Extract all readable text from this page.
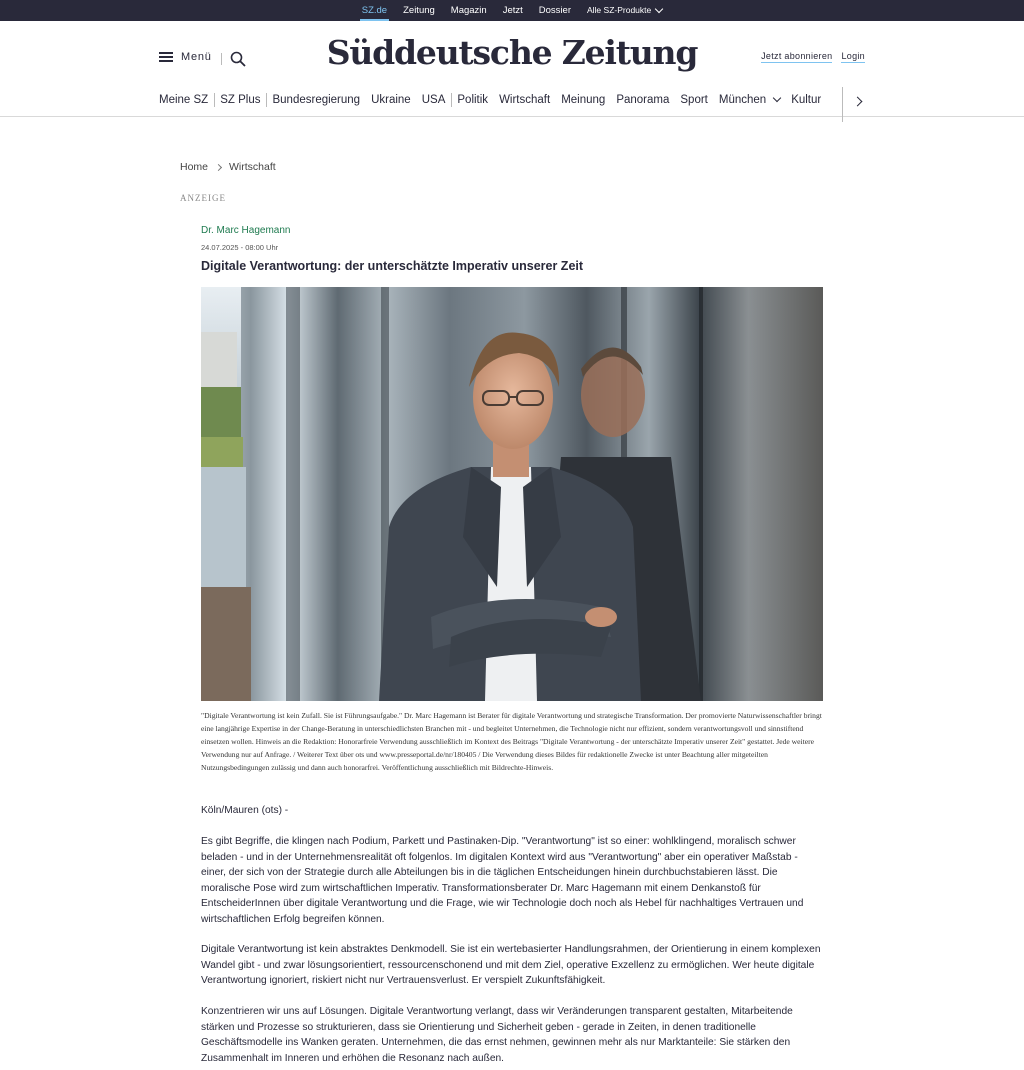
SZ.de	Zeitung	Magazin	Jetzt	Dossier	Alle SZ-Produkte
Menü	Süddeutsche Zeitung	Jetzt abonnieren Login
Meine SZ	SZ Plus	Bundesregierung Ukraine USA	Politik Wirtschaft Meinung Panorama Sport München	Kultur
Home Wirtschaft
ANZEIGE
Dr. Marc Hagemann
24.07.2025 - 08:00 Uhr
Digitale Verantwortung: der unterschätzte Imperativ unserer Zeit
"Digitale Verantwortung ist kein Zufall. Sie ist Führungsaufgabe." Dr. Marc Hagemann ist Berater für digitale Verantwortung und strategische Transformation. Der promovierte Naturwissenschaftler bringt eine langjährige Expertise in der Change-Beratung in unterschiedlichsten Branchen mit - und begleitet Unternehmen, die Technologie nicht nur effizient, sondern verantwortungsvoll und sinnstiftend einsetzen wollen. Hinweis an die Redaktion: Honorarfreie Verwendung ausschließlich im Kontext des Beitrags "Digitale Verantwortung - der unterschätzte Imperativ unserer Zeit" gestattet. Jede weitere Verwendung nur auf Anfrage. / Weiterer Text über ots und www.presseportal.de/nr/180405 / Die Verwendung dieses Bildes für redaktionelle Zwecke ist unter Beachtung aller mitgeteilten Nutzungsbedingungen zulässig und dann auch honorarfrei. Veröffentlichung ausschließlich mit Bildrechte-Hinweis.
Köln/Mauren (ots) -
Es gibt Begriffe, die klingen nach Podium, Parkett und Pastinaken-Dip. "Verantwortung" ist so einer: wohlklingend, moralisch schwer beladen - und in der Unternehmensrealität oft folgenlos. Im digitalen Kontext wird aus "Verantwortung" aber ein operativer Maßstab - einer, der sich von der Strategie durch alle Abteilungen bis in die täglichen Entscheidungen hinein durchbuchstabieren lässt. Die moralische Pose wird zum wirtschaftlichen Imperativ. Transformationsberater Dr. Marc Hagemann mit einem Denkanstoß für EntscheiderInnen über digitale Verantwortung und die Frage, wie wir Technologie doch noch als Hebel für nachhaltiges Vertrauen und wirtschaftlichen Erfolg begreifen können.
Digitale Verantwortung ist kein abstraktes Denkmodell. Sie ist ein wertebasierter Handlungsrahmen, der Orientierung in einem komplexen Wandel gibt - und zwar lösungsorientiert, ressourcenschonend und mit dem Ziel, operative Exzellenz zu ermöglichen. Wer heute digitale Verantwortung ignoriert, riskiert nicht nur Vertrauensverlust. Er verspielt Zukunftsfähigkeit.
Konzentrieren wir uns auf Lösungen. Digitale Verantwortung verlangt, dass wir Veränderungen transparent gestalten, Mitarbeitende stärken und Prozesse so strukturieren, dass sie Orientierung und Sicherheit geben - gerade in Zeiten, in denen traditionelle Geschäftsmodelle ins Wanken geraten. Unternehmen, die das ernst nehmen, gewinnen mehr als nur Marktanteile: Sie stärken den Zusammenhalt im Inneren und erhöhen die Resonanz nach außen.
